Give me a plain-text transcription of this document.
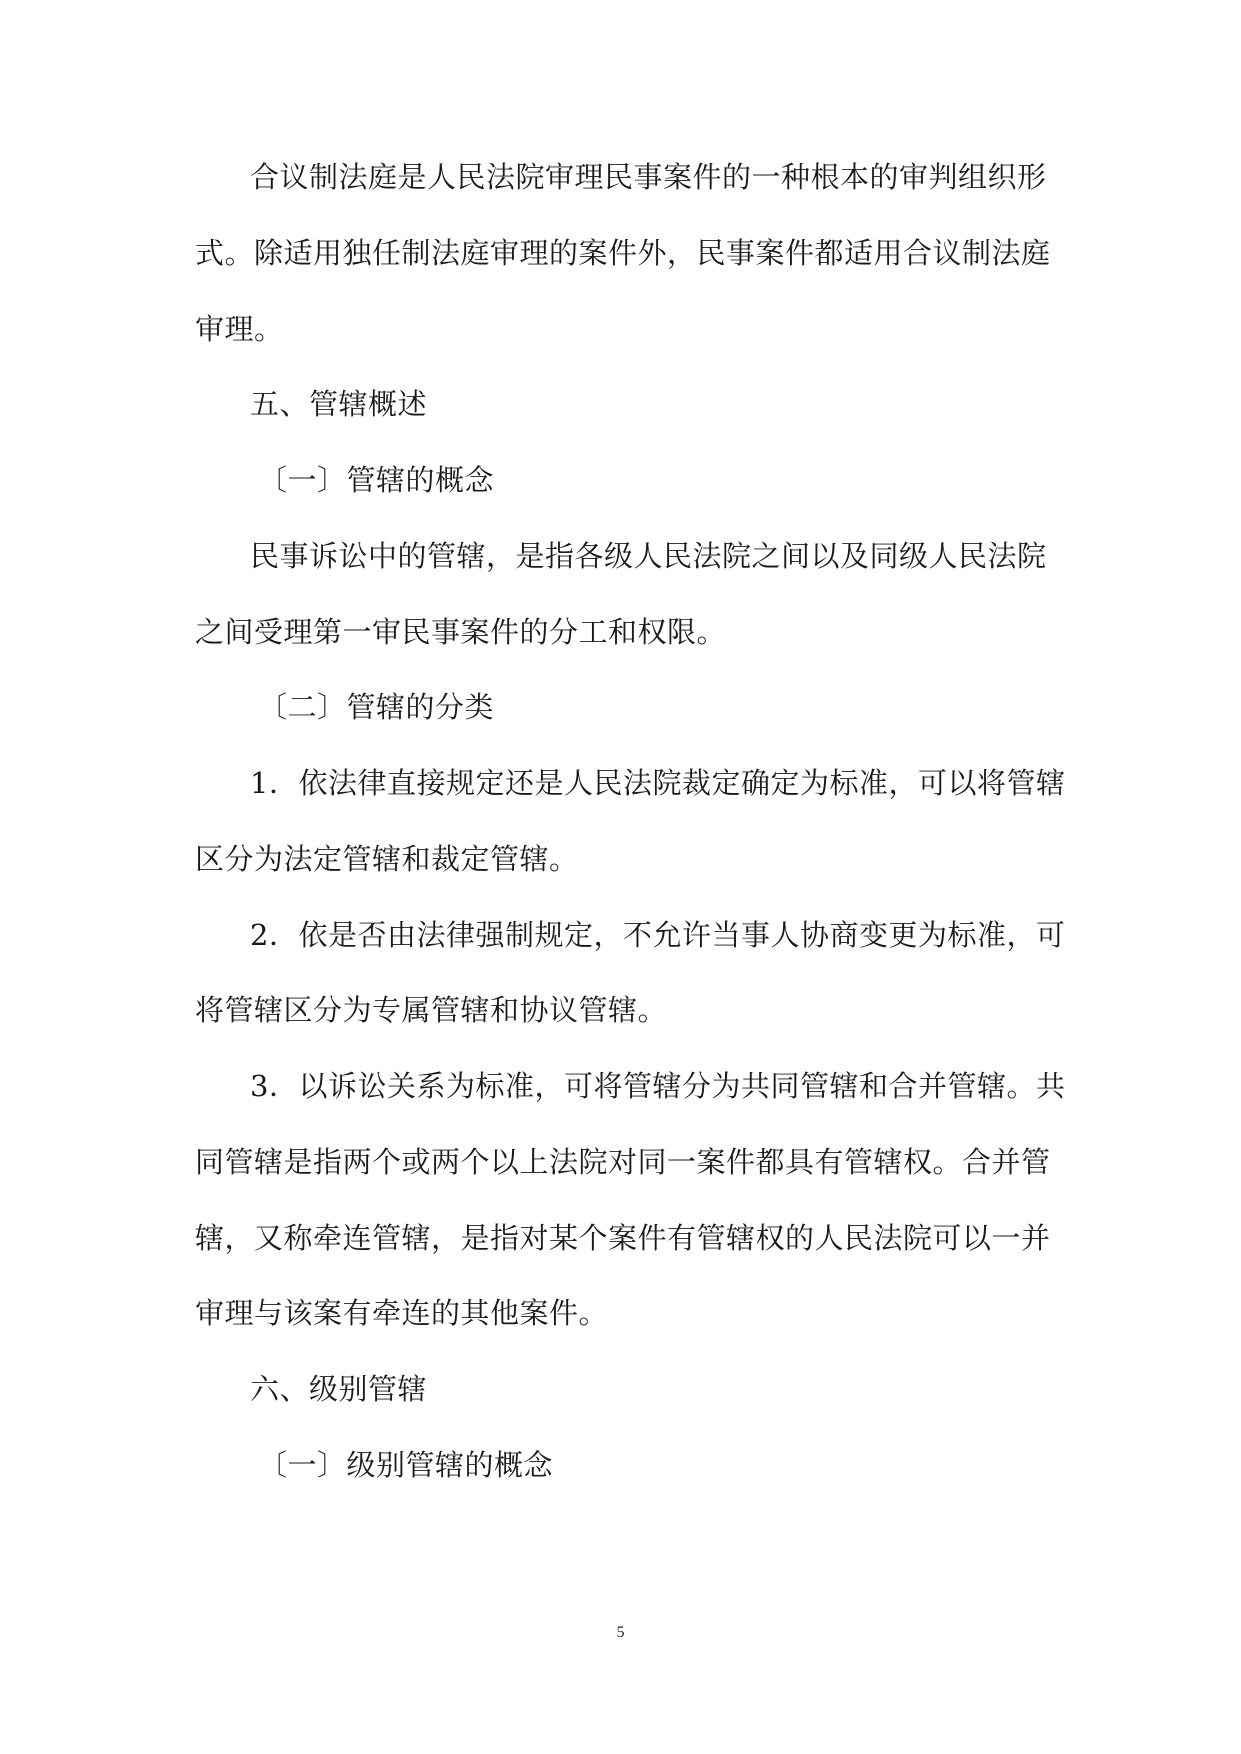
合议制法庭是人民法院审理民事案件的一种根本的审判组织形
式。除适用独任制法庭审理的案件外，民事案件都适用合议制法庭
审理。
五、管辖概述
〔一〕管辖的概念
民事诉讼中的管辖，是指各级人民法院之间以及同级人民法院
之间受理第一审民事案件的分工和权限。
〔二〕管辖的分类
1．依法律直接规定还是人民法院裁定确定为标准，可以将管辖
区分为法定管辖和裁定管辖。
2．依是否由法律强制规定，不允许当事人协商变更为标准，可
将管辖区分为专属管辖和协议管辖。
3．以诉讼关系为标准，可将管辖分为共同管辖和合并管辖。共
同管辖是指两个或两个以上法院对同一案件都具有管辖权。合并管
辖，又称牵连管辖，是指对某个案件有管辖权的人民法院可以一并
审理与该案有牵连的其他案件。
六、级别管辖
〔一〕级别管辖的概念
5
